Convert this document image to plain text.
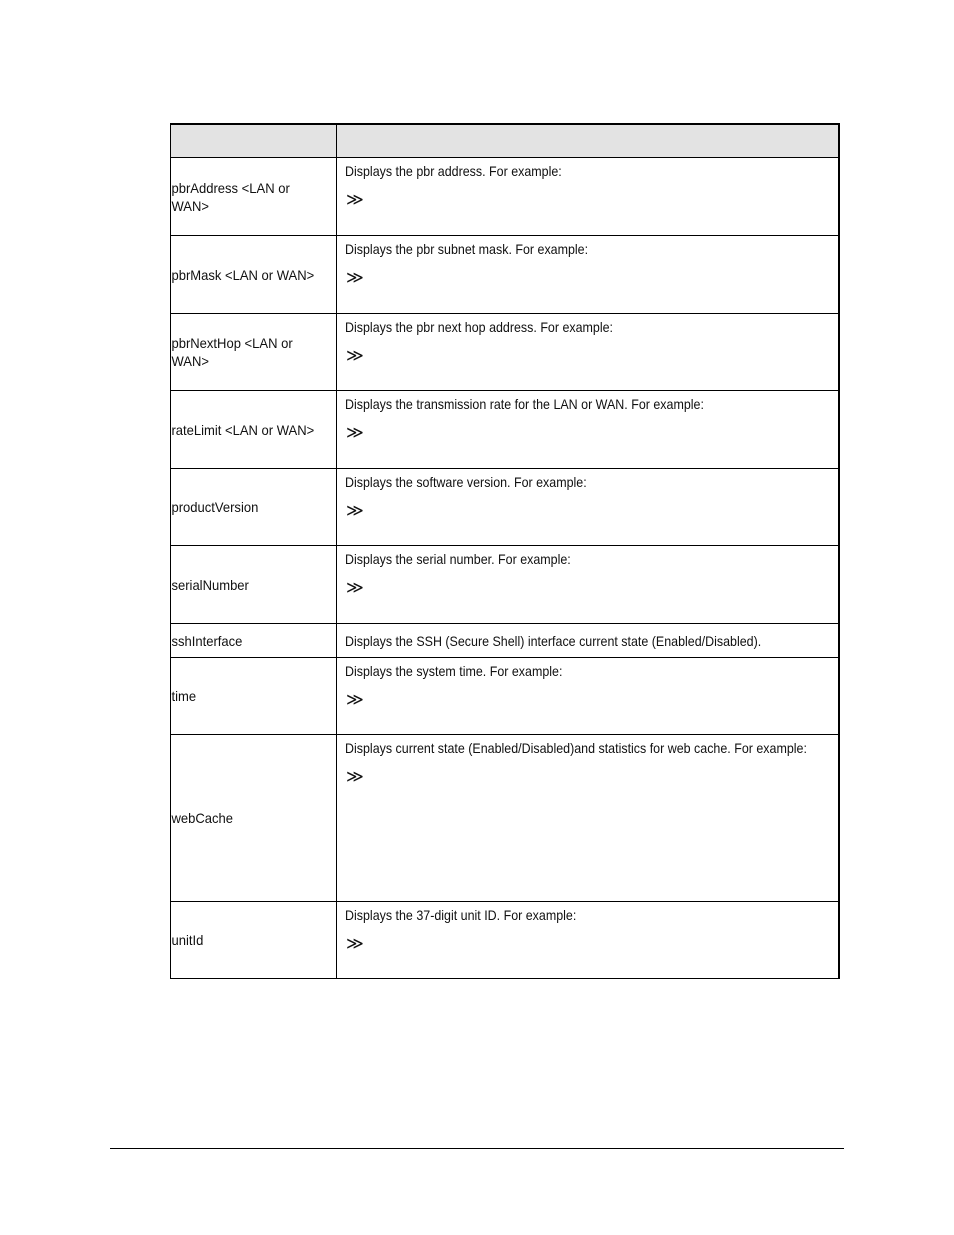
pbrAddress <LAN or WAN>	Displays the pbr address. For example:
≫

pbrMask <LAN or WAN>	Displays the pbr subnet mask. For example:
≫

pbrNextHop <LAN or WAN>	Displays the pbr next hop address. For example:
≫

rateLimit <LAN or WAN>	Displays the transmission rate for the LAN or WAN. For example:
≫

productVersion	Displays the software version. For example:
≫

serialNumber	Displays the serial number. For example:
≫

sshInterface	Displays the SSH (Secure Shell) interface current state (Enabled/Disabled).

time	Displays the system time. For example:
≫

webCache	Displays current state (Enabled/Disabled)and statistics for web cache. For example:
≫

unitId	Displays the 37-digit unit ID. For example:
≫
